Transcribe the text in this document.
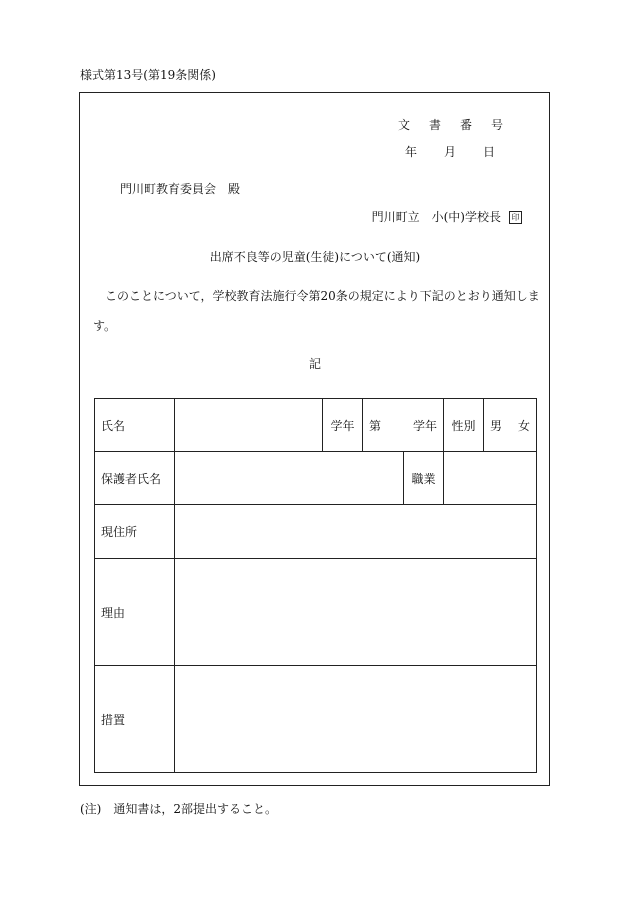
様式第13号(第19条関係)
文書番号
年月日
門川町教育委員会　殿
門川町立　小(中)学校長 印
出席不良等の児童(生徒)について(通知)
このことについて，学校教育法施行令第20条の規定により下記のとおり通知します。
記
氏名		学年	第 学年		性別	男 女

保護者氏名				職業		
現住所						
理由						
措置						
(注)　通知書は，2部提出すること。
